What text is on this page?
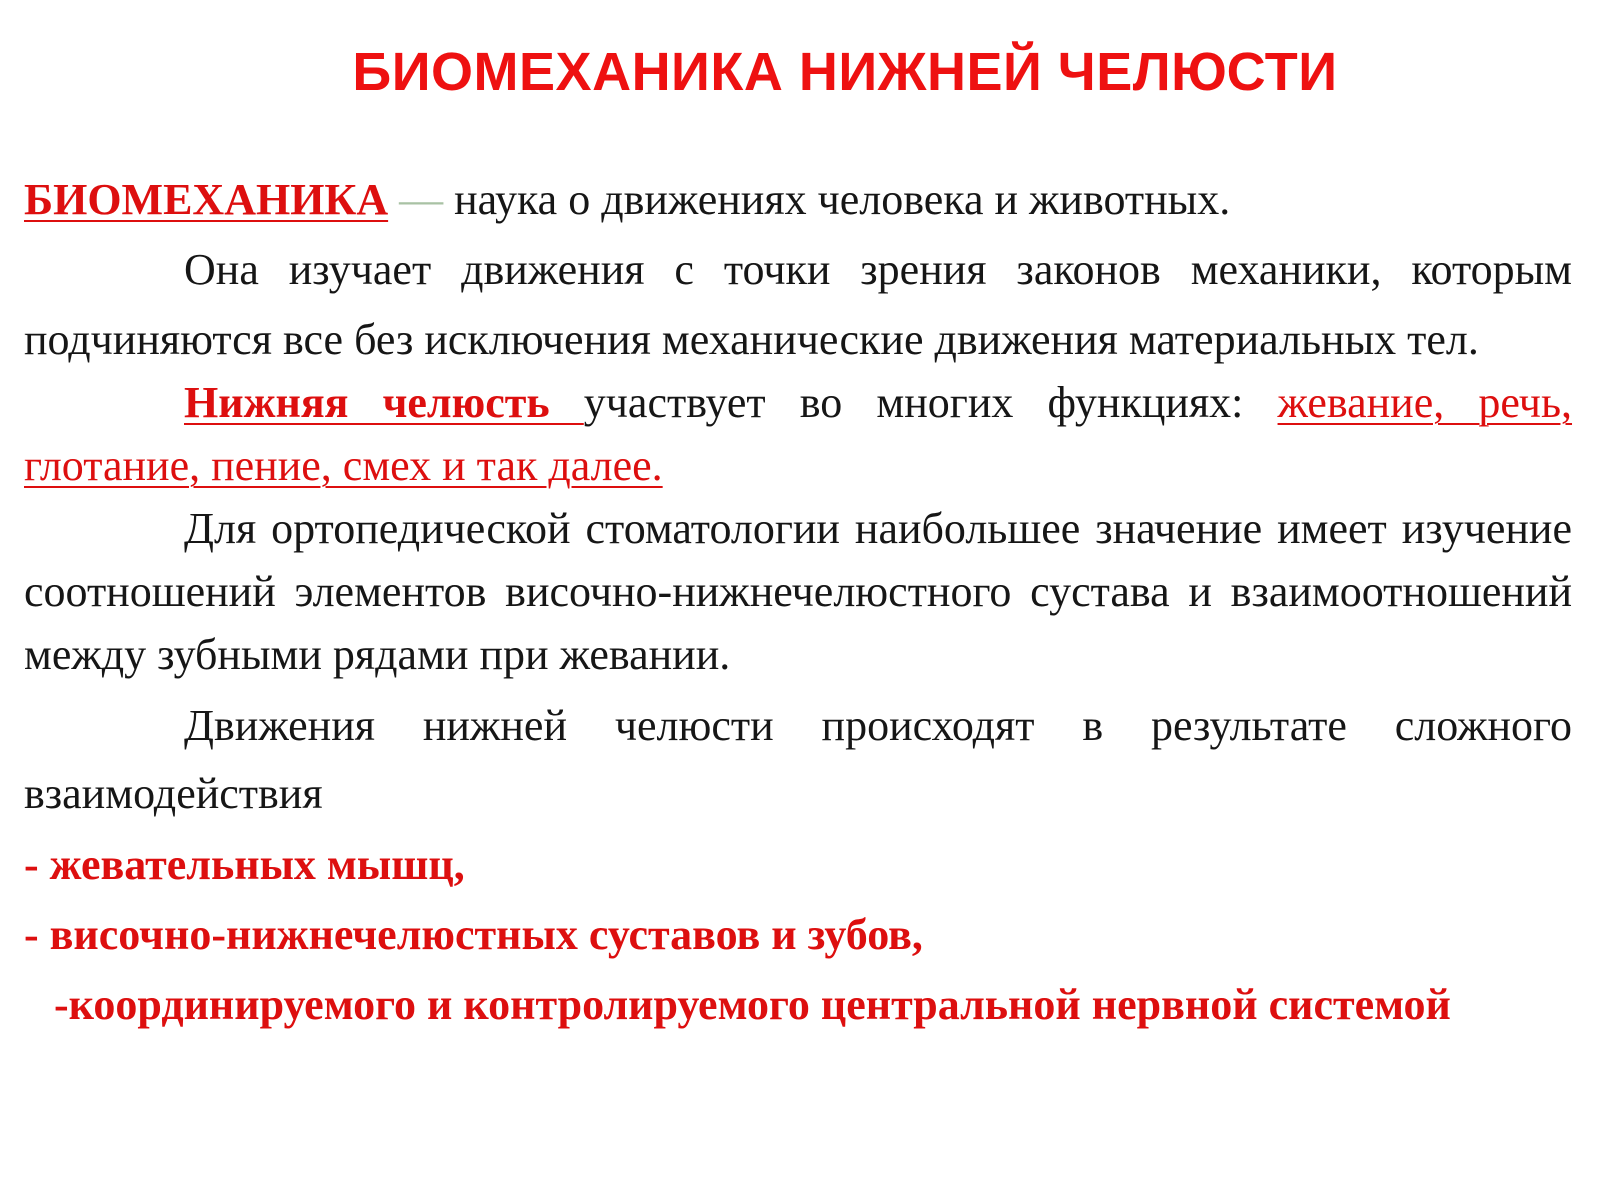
БИОМЕХАНИКА НИЖНЕЙ ЧЕЛЮСТИ

БИОМЕХАНИКА — наука о движениях человека и животных.

Она изучает движения с точки зрения законов механики, которым подчиняются все без исключения механические движения материальных тел.

Нижняя челюсть участвует во многих функциях: жевание, речь, глотание, пение, смех и так далее.

Для ортопедической стоматологии наибольшее значение имеет изучение соотношений элементов височно-нижнечелюстного сустава и взаимоотношений между зубными рядами при жевании.

Движения нижней челюсти происходят в результате сложного взаимодействия

- жевательных мышц,

- височно-нижнечелюстных суставов и зубов,

-координируемого и контролируемого центральной нервной системой
